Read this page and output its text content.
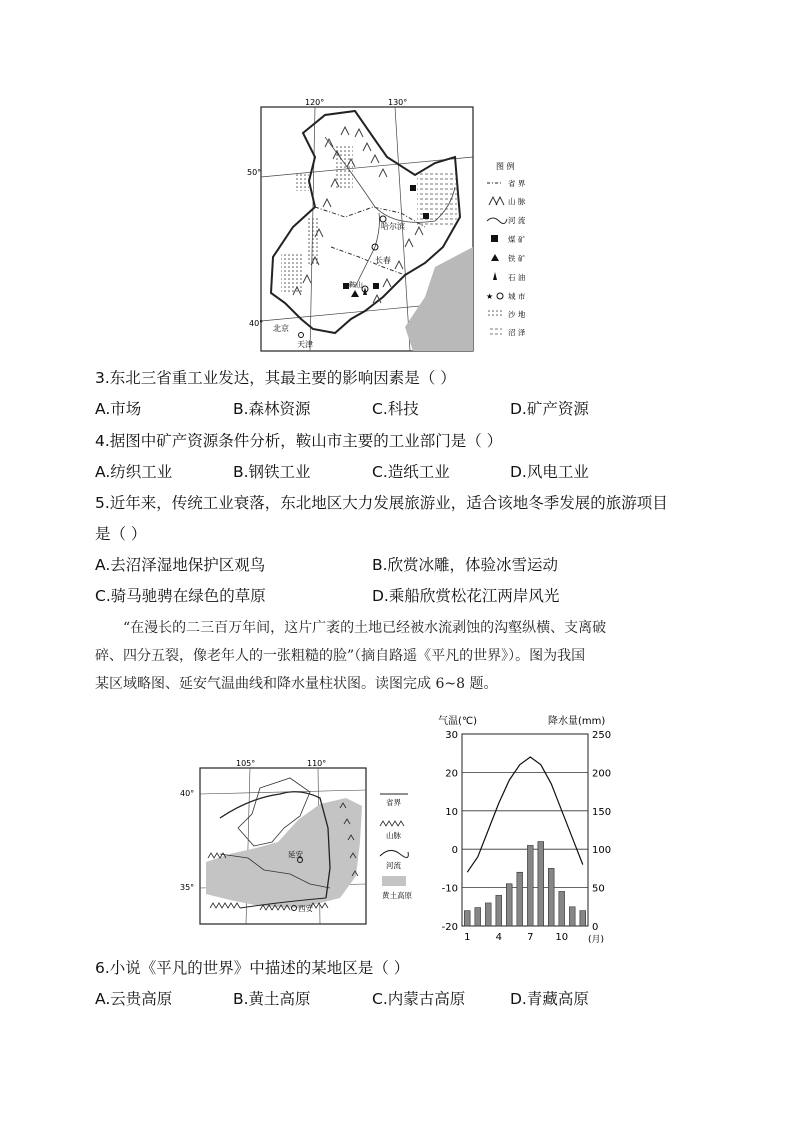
120°	130°
50°
40°
哈尔滨
长春
鞍山
北京
天津
图 例
省 界
山 脉
河 流
煤 矿
铁 矿
石 油
★ 城 市
沙 地
沼 泽
3.东北三省重工业发达，其最主要的影响因素是（ ）
A.市场	B.森林资源	C.科技	D.矿产资源
4.据图中矿产资源条件分析，鞍山市主要的工业部门是（ ）
A.纺织工业	B.钢铁工业	C.造纸工业	D.风电工业
5.近年来，传统工业衰落，东北地区大力发展旅游业，适合该地冬季发展的旅游项目
是（ ）
A.去沼泽湿地保护区观鸟	B.欣赏冰雕，体验冰雪运动
C.骑马驰骋在绿色的草原	D.乘船欣赏松花江两岸风光
“在漫长的二三百万年间，这片广袤的土地已经被水流剥蚀的沟壑纵横、支离破
碎、四分五裂，像老年人的一张粗糙的脸”（摘自路遥《平凡的世界》）。图为我国
某区域略图、延安气温曲线和降水量柱状图。读图完成 6~8 题。
105°	110°
40°
35°
延安
西安
省界
山脉
河流
黄土高原
气温(℃)	降水量(mm)
30
20
10
0
-10
-20
250
200
150
100
50
0
1	4	7 10 (月)
6.小说《平凡的世界》中描述的某地区是（ ）
A.云贵高原	B.黄土高原	C.内蒙古高原	D.青藏高原
